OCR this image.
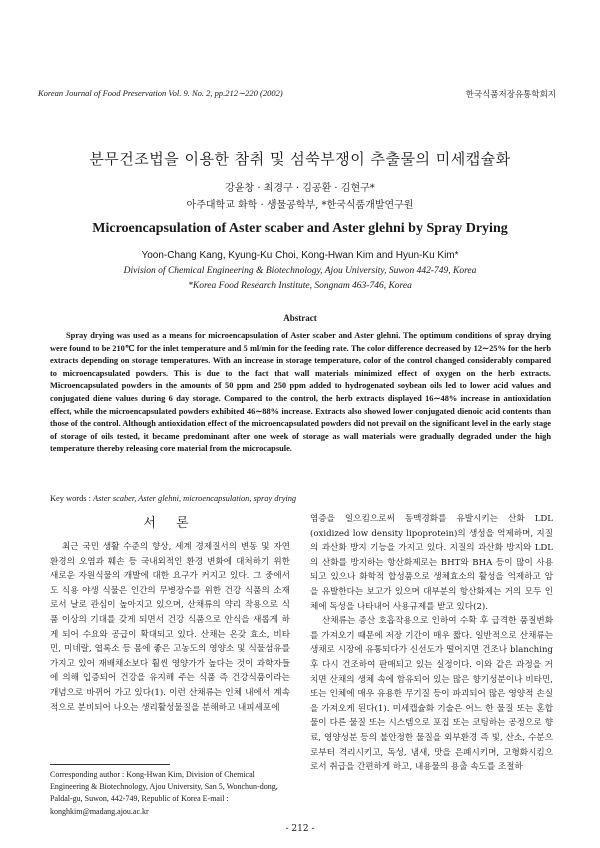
Korean Journal of Food Preservation Vol. 9. No. 2, pp.212∼220 (2002)	한국식품저장유통학회지
분무건조법을 이용한 참취 및 섬쑥부쟁이 추출물의 미세캡슐화
강윤창 · 최경구 · 김공환 · 김현구*
아주대학교 화학 · 생물공학부, *한국식품개발연구원
Microencapsulation of Aster scaber and Aster glehni by Spray Drying
Yoon-Chang Kang, Kyung-Ku Choi, Kong-Hwan Kim and Hyun-Ku Kim*
Division of Chemical Engineering & Biotechnology, Ajou University, Suwon 442-749, Korea
*Korea Food Research Institute, Songnam 463-746, Korea
Abstract
Spray drying was used as a means for microencapsulation of Aster scaber and Aster glehni. The optimum conditions of spray drying were found to be 210℃ for the inlet temperature and 5 ml/min for the feeding rate. The color difference decreased by 12∼25% for the herb extracts depending on storage temperatures. With an increase in storage temperature, color of the control changed considerably compared to microencapsulated powders. This is due to the fact that wall materials minimized effect of oxygen on the herb extracts. Microencapsulated powders in the amounts of 50 ppm and 250 ppm added to hydrogenated soybean oils led to lower acid values and conjugated diene values during 6 day storage. Compared to the control, the herb extracts displayed 16∼48% increase in antioxidation effect, while the microencapsulated powders exhibited 46∼88% increase. Extracts also showed lower conjugated dienoic acid contents than those of the control. Although antioxidation effect of the microencapsulated powders did not prevail on the significant level in the early stage of storage of oils tested, it became predominant after one week of storage as wall materials were gradually degraded under the high temperature thereby releasing core material from the microcapsule.
Key words : Aster scaber, Aster glehni, microencapsulation, spray drying
서 론

최근 국민 생활 수준의 향상, 세계 경제질서의 변동 및 자연 환경의 오염과 훼손 등 국내외적인 환경 변화에 대처하기 위한 새로운 자원식물의 개발에 대한 요구가 커지고 있다. 그 중에서도 식용 야생 식물은 인간의 무병장수를 위한 건강 식품의 소재로서 날로 관심이 높아지고 있으며, 산채류의 약리 작용으로 식품 이상의 기대를 갖게 되면서 건강 식품으로 안식을 새롭게 하게 되어 수요와 공급이 확대되고 있다. 산채는 온갖 효소, 비타민, 미네랄, 엽록소 등 몸에 좋은 고농도의 영양소 및 식물섬유를 가지고 있어 재배채소보다 훨씬 영양가가 높다는 것이 과학자들에 의해 입증되어 건강을 유지해 주는 식품 즉 건강식품이라는 개념으로 바뀌어 가고 있다(1). 이런 산채류는 인체 내에서 계속적으로 분비되어 나오는 생리활성물질을 분해하고 내피세포에

염증을 일으킴으로써 동맥경화를 유발시키는 산화 LDL (oxidized low density lipoprotein)의 생성을 억제하며, 지질의 과산화 방지 기능을 가지고 있다. 지질의 과산화 방지와 LDL의 산화를 방지하는 항산화제로는 BHT와 BHA 등이 많이 사용되고 있으나 화학적 합성품으로 생체효소의 활성을 억제하고 암을 유발한다는 보고가 있으며 대부분의 항산화제는 거의 모두 인체에 독성을 나타내어 사용규제를 받고 있다(2).

산채류는 증산 호흡작용으로 인하여 수확 후 급격한 품질변화를 가져오기 때문에 저장 기간이 매우 짧다. 일반적으로 산채류는 생채로 시장에 유통되다가 신선도가 떨어지면 건조나 blanching 후 다시 건조하여 판매되고 있는 실정이다. 이와 같은 과정을 거치면 산채의 생체 속에 함유되어 있는 많은 향기성분이나 비타민, 또는 인체에 매우 유용한 무기질 등이 파괴되어 많은 영양적 손실을 가져오게 된다(1). 미세캡슐화 기술은 어느 한 물질 또는 혼합물이 다른 물질 또는 시스템으로 포집 또는 코팅하는 공정으로 향료, 영양성분 등의 불안정한 물질을 외부환경 즉 빛, 산소, 수분으로부터 격리시키고, 독성, 냄새, 맛을 은폐시키며, 고형화시킴으로서 취급을 간편하게 하고, 내용물의 용출 속도를 조절하

Corresponding author : Kong-Hwan Kim, Division of Chemical Engineering & Biotechnology, Ajou University, San 5, Wonchun-dong, Paldal-gu, Suwon, 442-749, Republic of Korea E-mail : konghkim@madang.ajou.ac.kr
- 212 -
